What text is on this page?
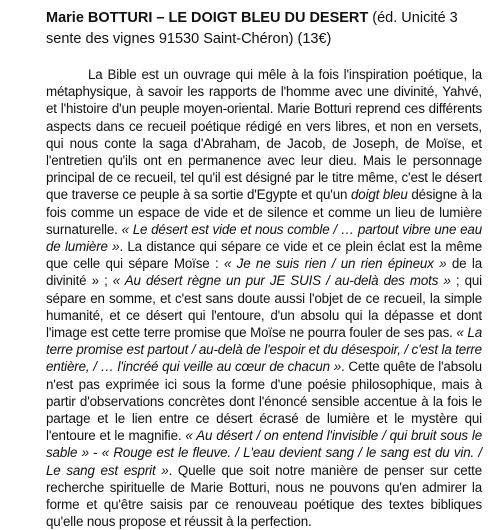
Marie BOTTURI – LE DOIGT BLEU DU DESERT (éd. Unicité 3 sente des vignes 91530 Saint-Chéron) (13€)

La Bible est un ouvrage qui mêle à la fois l'inspiration poétique, la métaphysique, à savoir les rapports de l'homme avec une divinité, Yahvé, et l'histoire d'un peuple moyen-oriental. Marie Botturi reprend ces différents aspects dans ce recueil poétique rédigé en vers libres, et non en versets, qui nous conte la saga d'Abraham, de Jacob, de Joseph, de Moïse, et l'entretien qu'ils ont en permanence avec leur dieu. Mais le personnage principal de ce recueil, tel qu'il est désigné par le titre même, c'est le désert que traverse ce peuple à sa sortie d'Egypte et qu'un doigt bleu désigne à la fois comme un espace de vide et de silence et comme un lieu de lumière surnaturelle. « Le désert est vide et nous comble / … partout vibre une eau de lumière ». La distance qui sépare ce vide et ce plein éclat est la même que celle qui sépare Moïse : « Je ne suis rien / un rien épineux » de la divinité » ; « Au désert règne un pur JE SUIS / au-delà des mots » ; qui sépare en somme, et c'est sans doute aussi l'objet de ce recueil, la simple humanité, et ce désert qui l'entoure, d'un absolu qui la dépasse et dont l'image est cette terre promise que Moïse ne pourra fouler de ses pas. « La terre promise est partout / au-delà de l'espoir et du désespoir, / c'est la terre entière, / … l'incréé qui veille au cœur de chacun ». Cette quête de l'absolu n'est pas exprimée ici sous la forme d'une poésie philosophique, mais à partir d'observations concrètes dont l'énoncé sensible accentue à la fois le partage et le lien entre ce désert écrasé de lumière et le mystère qui l'entoure et le magnifie. « Au désert / on entend l'invisible / qui bruit sous le sable » - « Rouge est le fleuve. / L'eau devient sang / le sang est du vin. / Le sang est esprit ». Quelle que soit notre manière de penser sur cette recherche spirituelle de Marie Botturi, nous ne pouvons qu'en admirer la forme et qu'être saisis par ce renouveau poétique des textes bibliques qu'elle nous propose et réussit à la perfection.
